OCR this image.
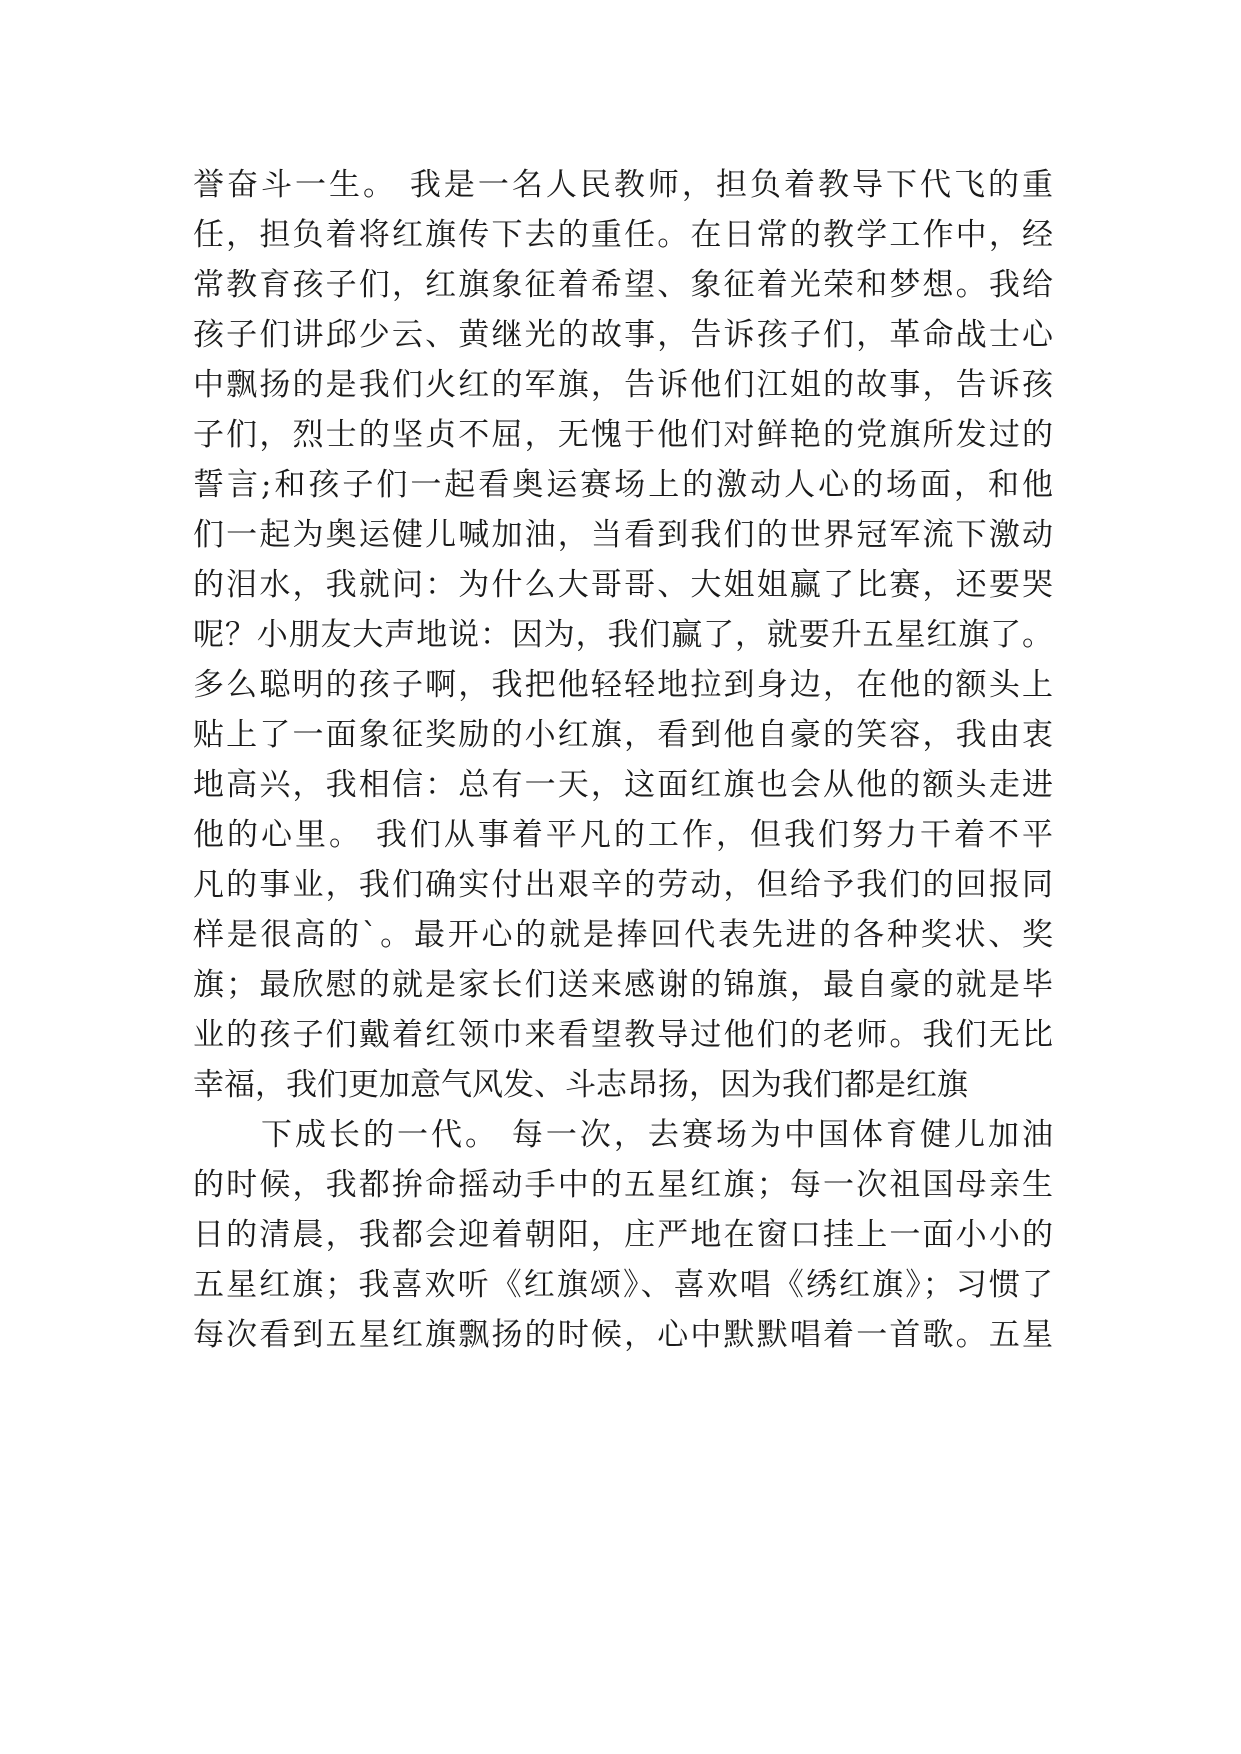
誉奋斗一生。 我是一名人民教师，担负着教导下代飞的重
任，担负着将红旗传下去的重任。在日常的教学工作中，经
常教育孩子们，红旗象征着希望、象征着光荣和梦想。我给
孩子们讲邱少云、黄继光的故事，告诉孩子们，革命战士心
中飘扬的是我们火红的军旗，告诉他们江姐的故事，告诉孩
子们，烈士的坚贞不屈，无愧于他们对鲜艳的党旗所发过的
誓言;和孩子们一起看奥运赛场上的激动人心的场面，和他
们一起为奥运健儿喊加油，当看到我们的世界冠军流下激动
的泪水，我就问：为什么大哥哥、大姐姐赢了比赛，还要哭
呢？小朋友大声地说：因为，我们赢了，就要升五星红旗了。
多么聪明的孩子啊，我把他轻轻地拉到身边，在他的额头上
贴上了一面象征奖励的小红旗，看到他自豪的笑容，我由衷
地高兴，我相信：总有一天，这面红旗也会从他的额头走进
他的心里。 我们从事着平凡的工作，但我们努力干着不平
凡的事业，我们确实付出艰辛的劳动，但给予我们的回报同
样是很高的`。最开心的就是捧回代表先进的各种奖状、奖
旗；最欣慰的就是家长们送来感谢的锦旗，最自豪的就是毕
业的孩子们戴着红领巾来看望教导过他们的老师。我们无比
幸福，我们更加意气风发、斗志昂扬，因为我们都是红旗
下成长的一代。 每一次，去赛场为中国体育健儿加油
的时候，我都拚命摇动手中的五星红旗；每一次祖国母亲生
日的清晨，我都会迎着朝阳，庄严地在窗口挂上一面小小的
五星红旗；我喜欢听《红旗颂》、喜欢唱《绣红旗》；习惯了
每次看到五星红旗飘扬的时候，心中默默唱着一首歌。五星
